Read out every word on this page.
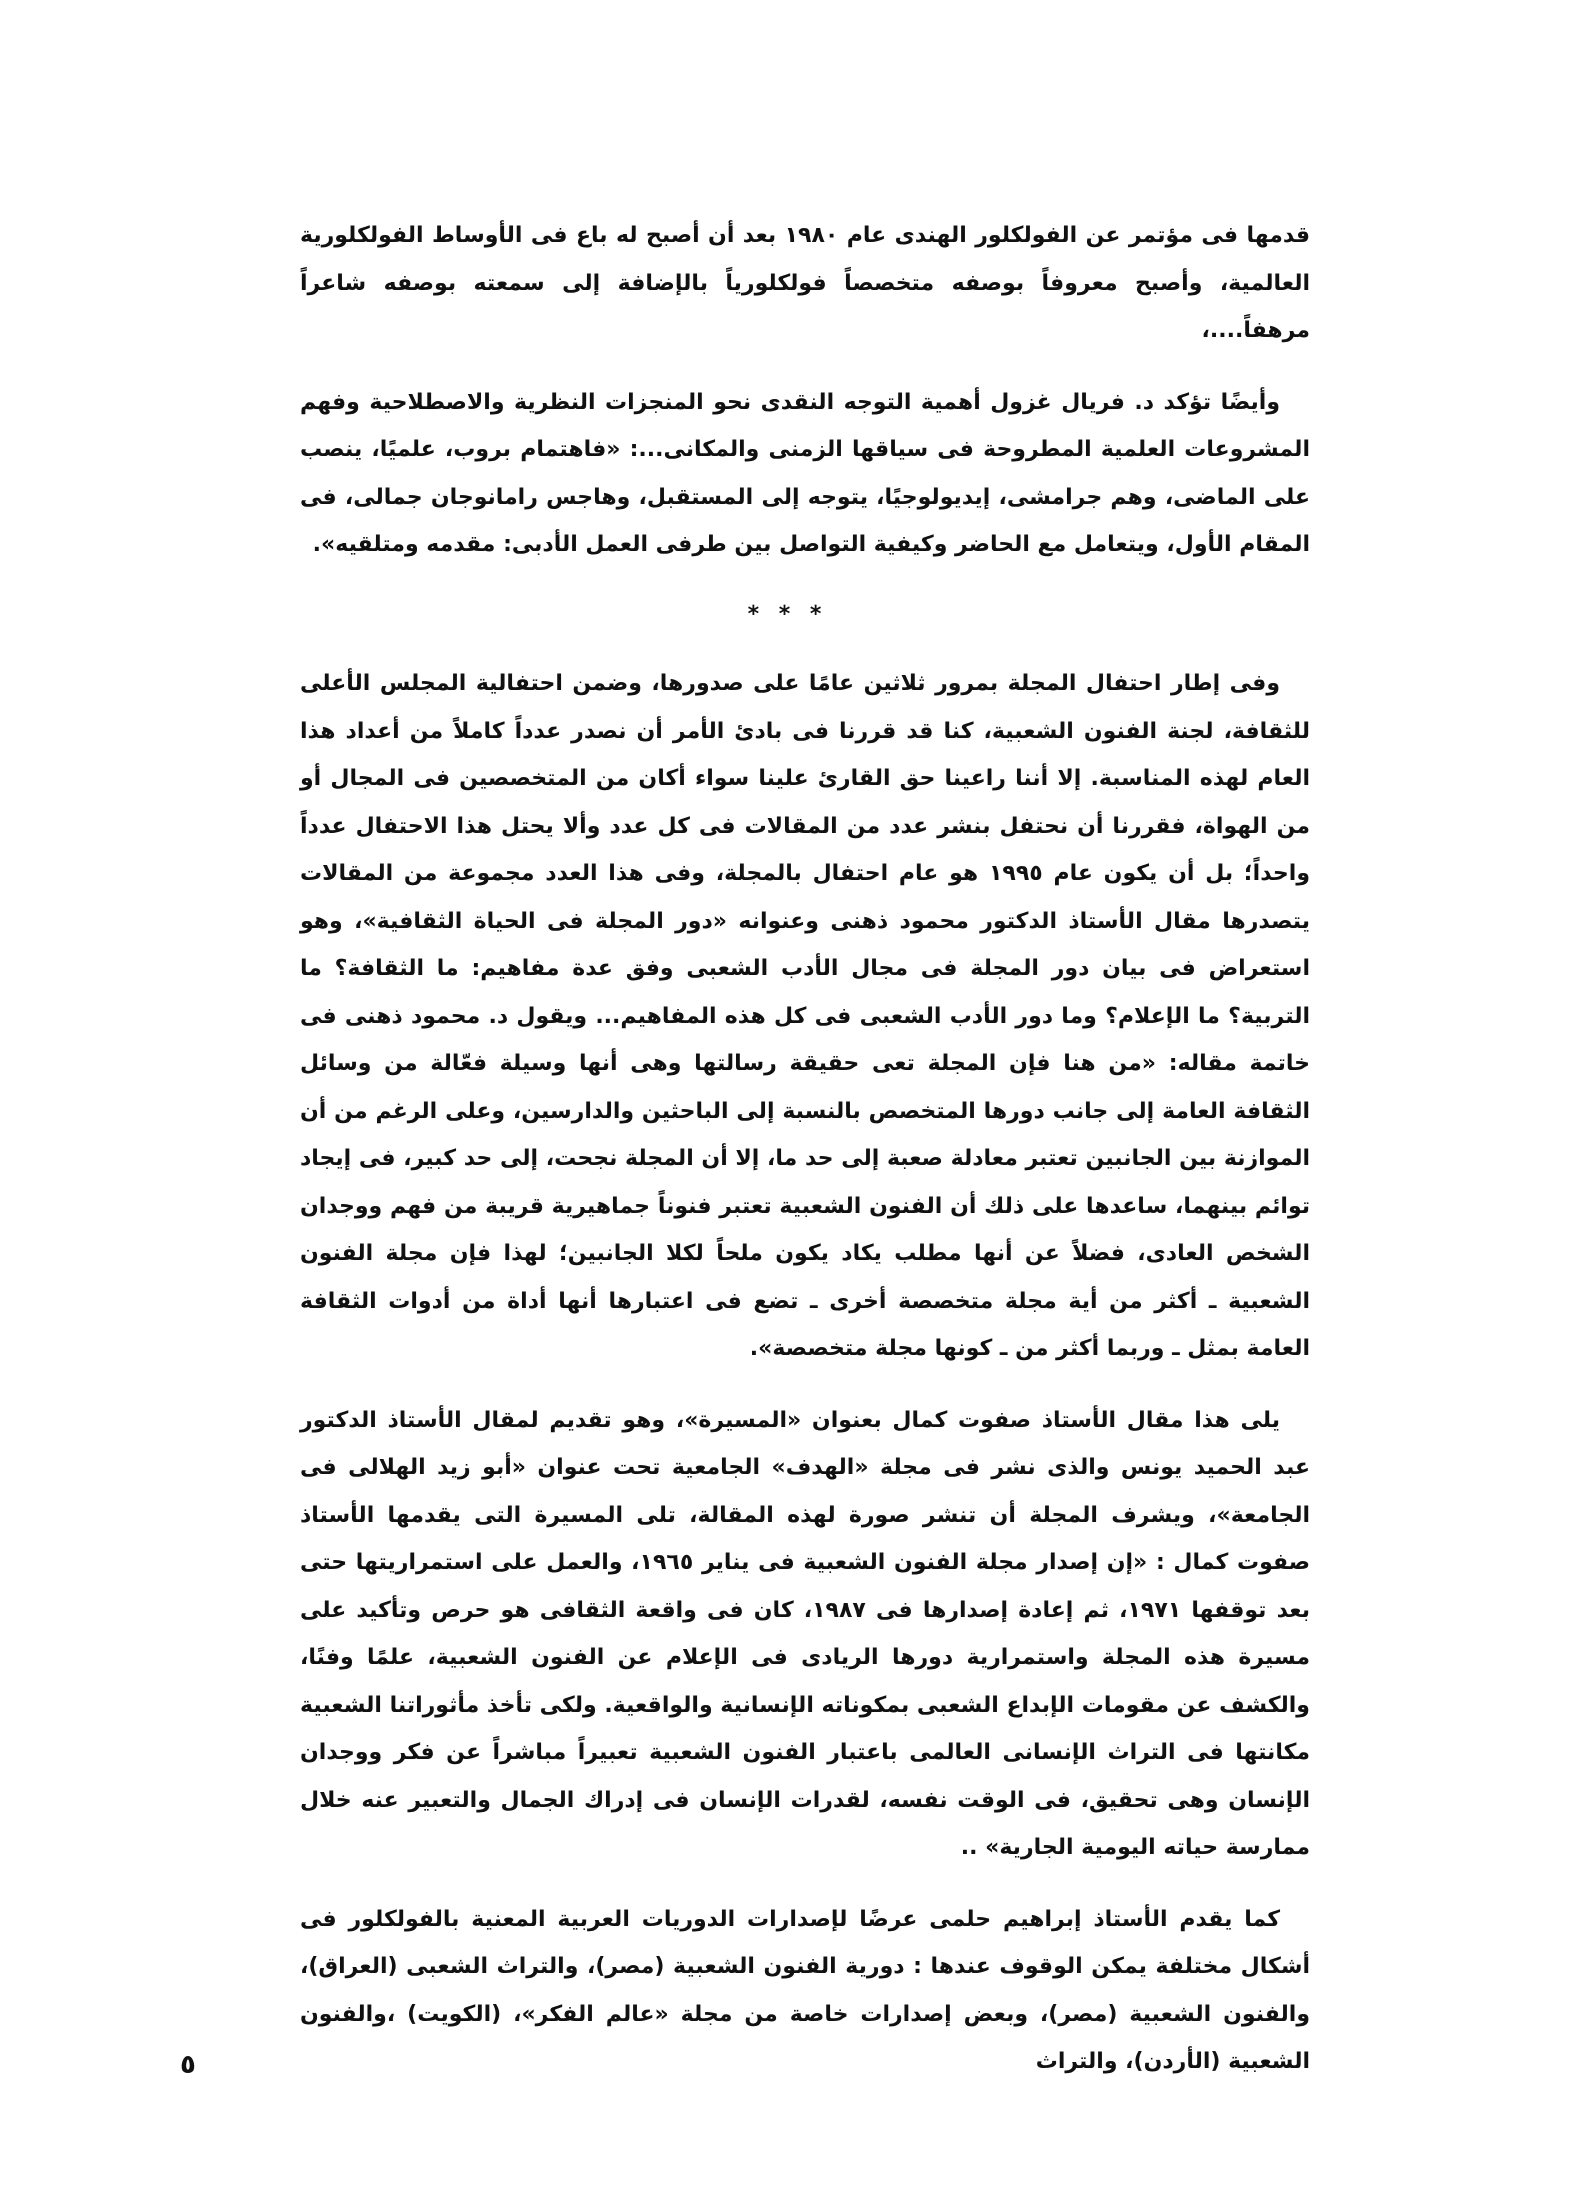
قدمها فى مؤتمر عن الفولكلور الهندى عام ١٩٨٠ بعد أن أصبح له باع فى الأوساط الفولكلورية العالمية، وأصبح معروفاً بوصفه متخصصاً فولكلورياً بالإضافة إلى سمعته بوصفه شاعراً مرهفاً....،

وأيضًا تؤكد د. فريال غزول أهمية التوجه النقدى نحو المنجزات النظرية والاصطلاحية وفهم المشروعات العلمية المطروحة فى سياقها الزمنى والمكانى...: «فاهتمام بروب، علميًا، ينصب على الماضى، وهم جرامشى، إيديولوجيًا، يتوجه إلى المستقبل، وهاجس رامانوجان جمالى، فى المقام الأول، ويتعامل مع الحاضر وكيفية التواصل بين طرفى العمل الأدبى: مقدمه ومتلقيه».

* * *

وفى إطار احتفال المجلة بمرور ثلاثين عامًا على صدورها، وضمن احتفالية المجلس الأعلى للثقافة، لجنة الفنون الشعبية، كنا قد قررنا فى بادئ الأمر أن نصدر عدداً كاملاً من أعداد هذا العام لهذه المناسبة. إلا أننا راعينا حق القارئ علينا سواء أكان من المتخصصين فى المجال أو من الهواة، فقررنا أن نحتفل بنشر عدد من المقالات فى كل عدد وألا يحتل هذا الاحتفال عدداً واحداً؛ بل أن يكون عام ١٩٩٥ هو عام احتفال بالمجلة، وفى هذا العدد مجموعة من المقالات يتصدرها مقال الأستاذ الدكتور محمود ذهنى وعنوانه «دور المجلة فى الحياة الثقافية»، وهو استعراض فى بيان دور المجلة فى مجال الأدب الشعبى وفق عدة مفاهيم: ما الثقافة؟ ما التربية؟ ما الإعلام؟ وما دور الأدب الشعبى فى كل هذه المفاهيم... ويقول د. محمود ذهنى فى خاتمة مقاله: «من هنا فإن المجلة تعى حقيقة رسالتها وهى أنها وسيلة فعّالة من وسائل الثقافة العامة إلى جانب دورها المتخصص بالنسبة إلى الباحثين والدارسين، وعلى الرغم من أن الموازنة بين الجانبين تعتبر معادلة صعبة إلى حد ما، إلا أن المجلة نجحت، إلى حد كبير، فى إيجاد توائم بينهما، ساعدها على ذلك أن الفنون الشعبية تعتبر فنوناً جماهيرية قريبة من فهم ووجدان الشخص العادى، فضلاً عن أنها مطلب يكاد يكون ملحاً لكلا الجانبين؛ لهذا فإن مجلة الفنون الشعبية ـ أكثر من أية مجلة متخصصة أخرى ـ تضع فى اعتبارها أنها أداة من أدوات الثقافة العامة بمثل ـ وربما أكثر من ـ كونها مجلة متخصصة».

يلى هذا مقال الأستاذ صفوت كمال بعنوان «المسيرة»، وهو تقديم لمقال الأستاذ الدكتور عبد الحميد يونس والذى نشر فى مجلة «الهدف» الجامعية تحت عنوان «أبو زيد الهلالى فى الجامعة»، ويشرف المجلة أن تنشر صورة لهذه المقالة، تلى المسيرة التى يقدمها الأستاذ صفوت كمال : «إن إصدار مجلة الفنون الشعبية فى يناير ١٩٦٥، والعمل على استمراريتها حتى بعد توقفها ١٩٧١، ثم إعادة إصدارها فى ١٩٨٧، كان فى واقعة الثقافى هو حرص وتأكيد على مسيرة هذه المجلة واستمرارية دورها الريادى فى الإعلام عن الفنون الشعبية، علمًا وفنًا، والكشف عن مقومات الإبداع الشعبى بمكوناته الإنسانية والواقعية. ولكى تأخذ مأثوراتنا الشعبية مكانتها فى التراث الإنسانى العالمى باعتبار الفنون الشعبية تعبيراً مباشراً عن فكر ووجدان الإنسان وهى تحقيق، فى الوقت نفسه، لقدرات الإنسان فى إدراك الجمال والتعبير عنه خلال ممارسة حياته اليومية الجارية» ..

كما يقدم الأستاذ إبراهيم حلمى عرضًا لإصدارات الدوريات العربية المعنية بالفولكلور فى أشكال مختلفة يمكن الوقوف عندها : دورية الفنون الشعبية (مصر)، والتراث الشعبى (العراق)، والفنون الشعبية (مصر)، وبعض إصدارات خاصة من مجلة «عالم الفكر»، (الكويت) ،والفنون الشعبية (الأردن)، والتراث

٥
